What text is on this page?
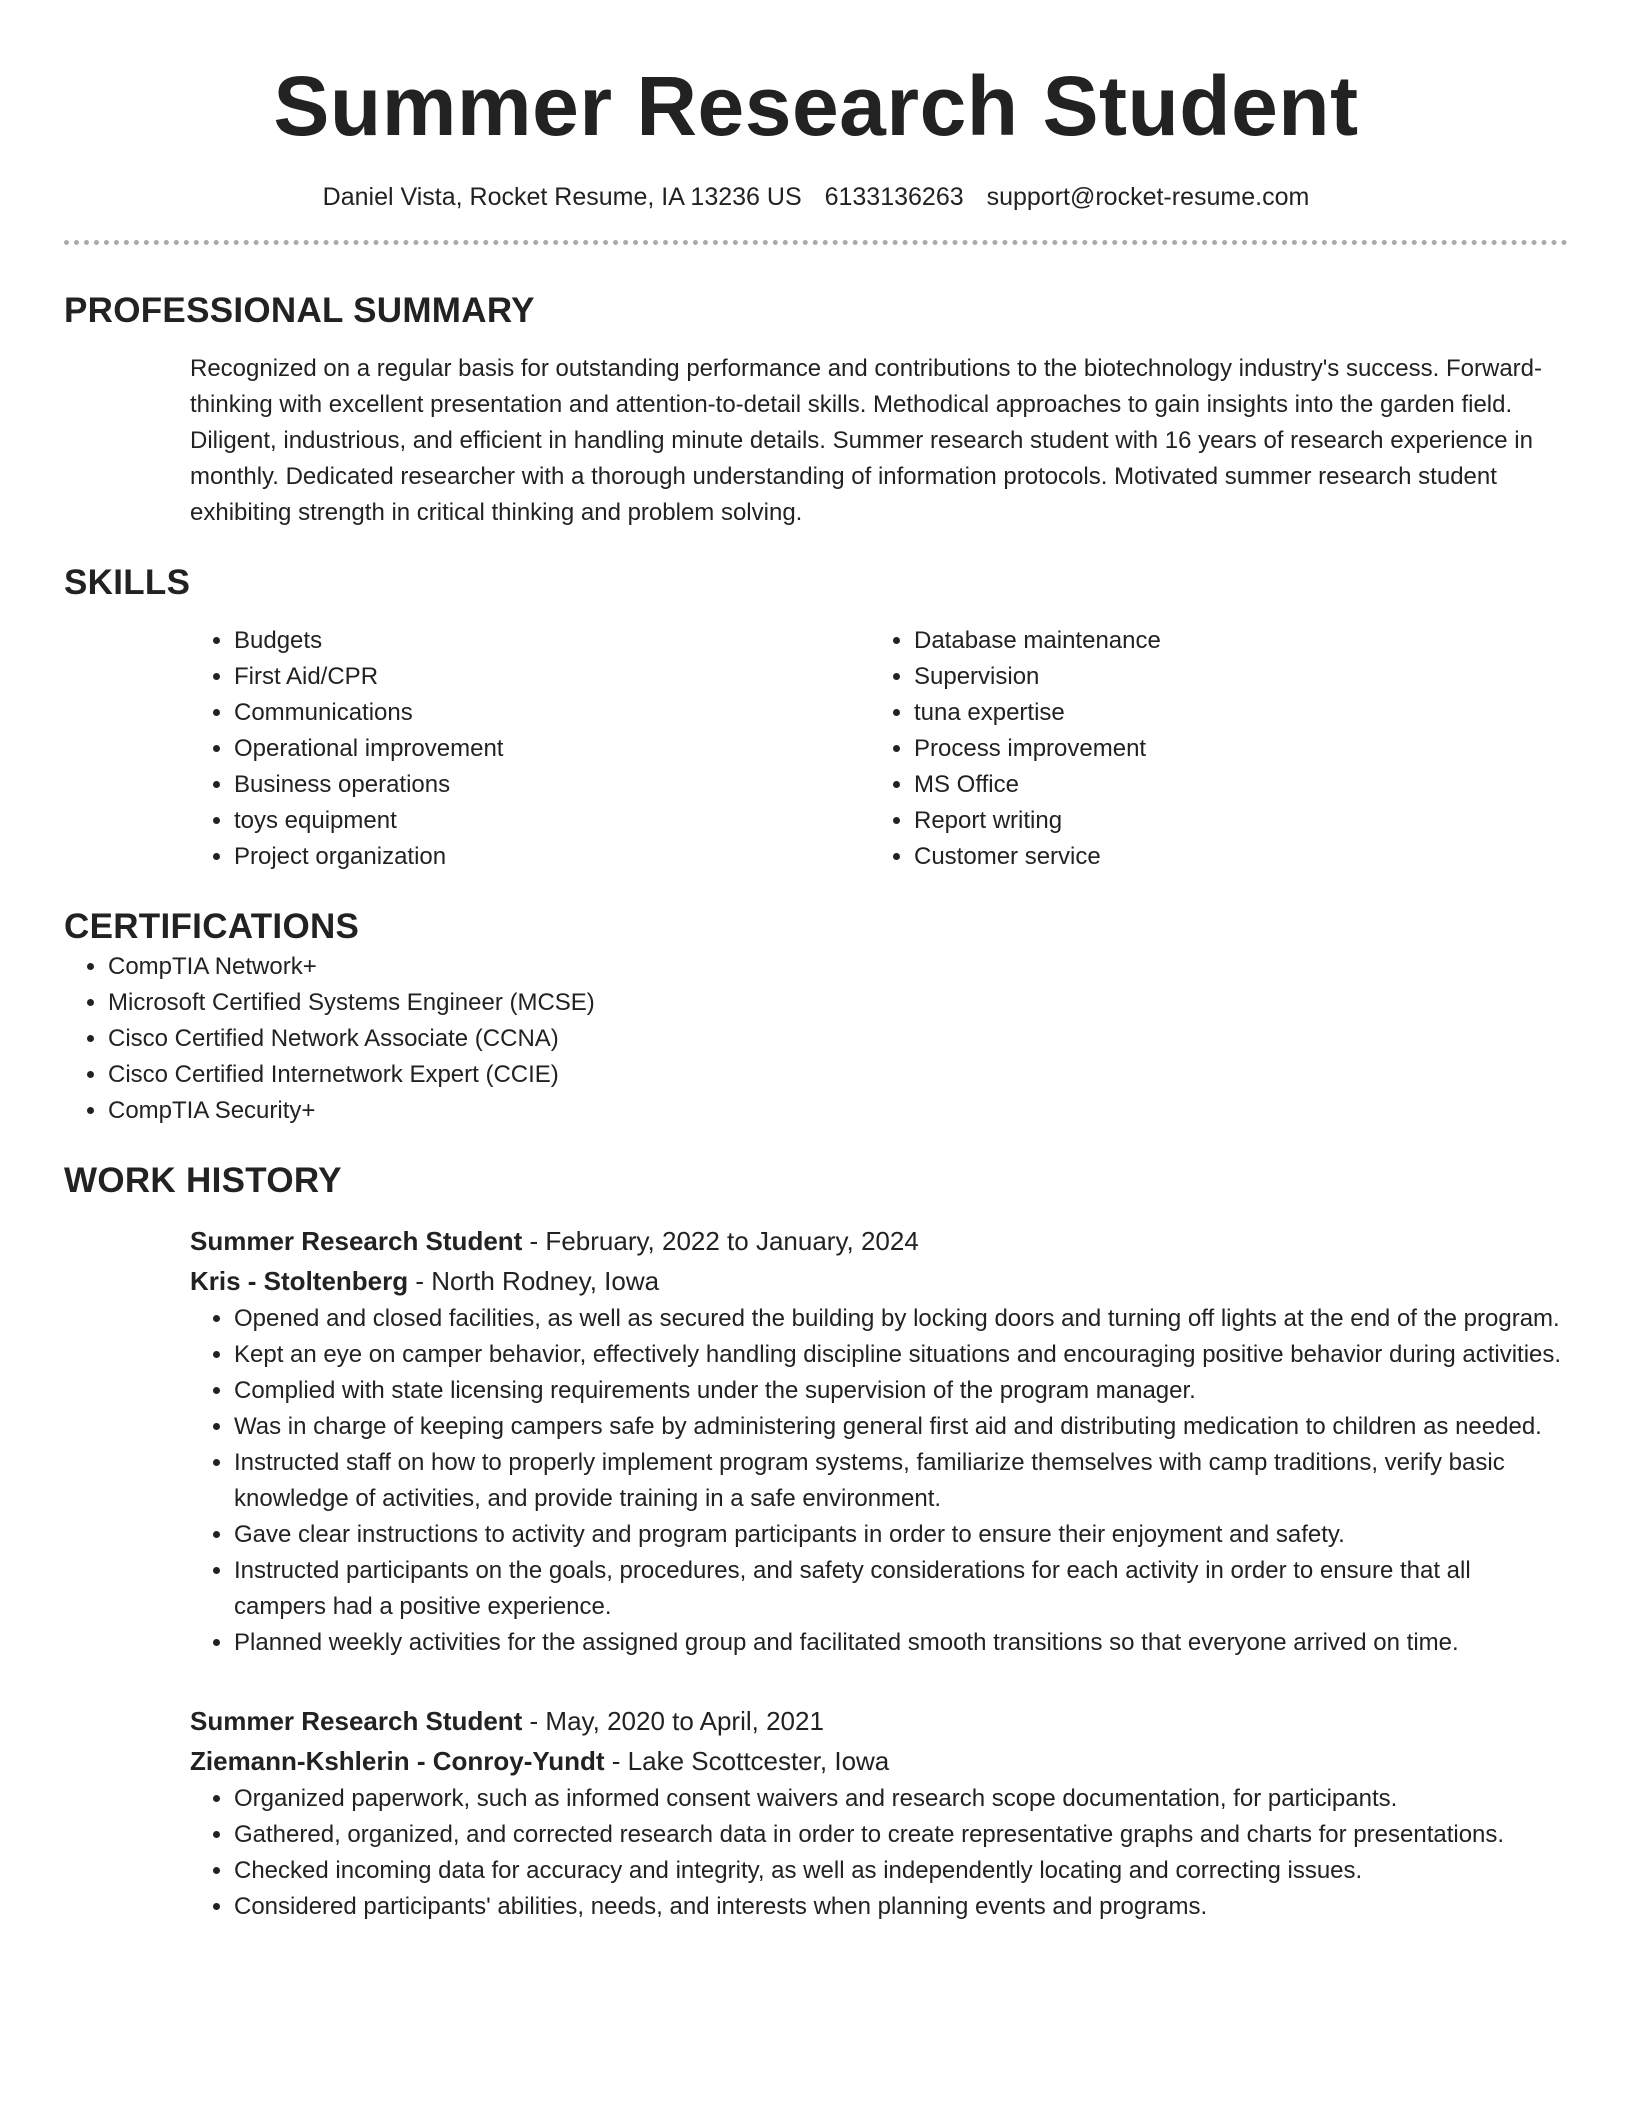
Summer Research Student
Daniel Vista, Rocket Resume, IA 13236 US 6133136263 support@rocket-resume.com
PROFESSIONAL SUMMARY

Recognized on a regular basis for outstanding performance and contributions to the biotechnology industry's success. Forward-thinking with excellent presentation and attention-to-detail skills. Methodical approaches to gain insights into the garden field. Diligent, industrious, and efficient in handling minute details. Summer research student with 16 years of research experience in monthly. Dedicated researcher with a thorough understanding of information protocols. Motivated summer research student exhibiting strength in critical thinking and problem solving.

SKILLS
• Budgets
• First Aid/CPR
• Communications
• Operational improvement
• Business operations
• toys equipment
• Project organization
• Database maintenance
• Supervision
• tuna expertise
• Process improvement
• MS Office
• Report writing
• Customer service
CERTIFICATIONS
• CompTIA Network+
• Microsoft Certified Systems Engineer (MCSE)
• Cisco Certified Network Associate (CCNA)
• Cisco Certified Internetwork Expert (CCIE)
• CompTIA Security+
WORK HISTORY
Summer Research Student - February, 2022 to January, 2024
Kris - Stoltenberg - North Rodney, Iowa
• Opened and closed facilities, as well as secured the building by locking doors and turning off lights at the end of the program.
• Kept an eye on camper behavior, effectively handling discipline situations and encouraging positive behavior during activities.
• Complied with state licensing requirements under the supervision of the program manager.
• Was in charge of keeping campers safe by administering general first aid and distributing medication to children as needed.
• Instructed staff on how to properly implement program systems, familiarize themselves with camp traditions, verify basic knowledge of activities, and provide training in a safe environment.
• Gave clear instructions to activity and program participants in order to ensure their enjoyment and safety.
• Instructed participants on the goals, procedures, and safety considerations for each activity in order to ensure that all campers had a positive experience.
• Planned weekly activities for the assigned group and facilitated smooth transitions so that everyone arrived on time.
Summer Research Student - May, 2020 to April, 2021
Ziemann-Kshlerin - Conroy-Yundt - Lake Scottcester, Iowa
• Organized paperwork, such as informed consent waivers and research scope documentation, for participants.
• Gathered, organized, and corrected research data in order to create representative graphs and charts for presentations.
• Checked incoming data for accuracy and integrity, as well as independently locating and correcting issues.
• Considered participants' abilities, needs, and interests when planning events and programs.
